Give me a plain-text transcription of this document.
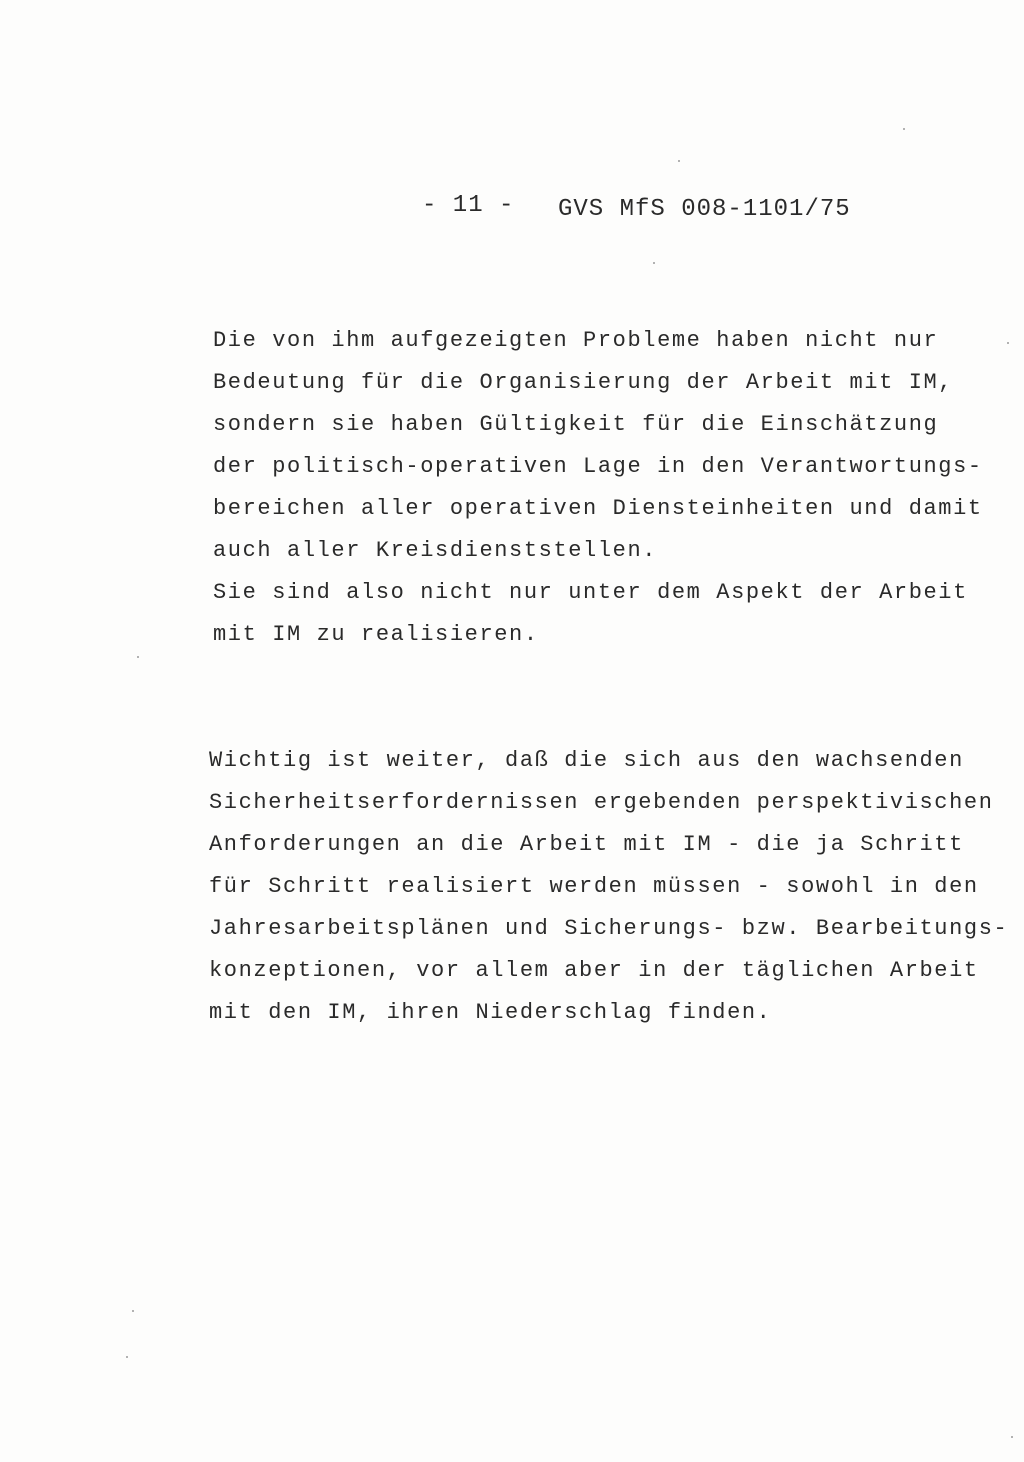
- 11 - GVS MfS 008-1101/75
Die von ihm aufgezeigten Probleme haben nicht nur
Bedeutung für die Organisierung der Arbeit mit IM,
sondern sie haben Gültigkeit für die Einschätzung
der politisch-operativen Lage in den Verantwortungs-
bereichen aller operativen Diensteinheiten und damit
auch aller Kreisdienststellen.
Sie sind also nicht nur unter dem Aspekt der Arbeit
mit IM zu realisieren.
Wichtig ist weiter, daß die sich aus den wachsenden
Sicherheitserfordernissen ergebenden perspektivischen
Anforderungen an die Arbeit mit IM - die ja Schritt
für Schritt realisiert werden müssen - sowohl in den
Jahresarbeitsplänen und Sicherungs- bzw. Bearbeitungs-
konzeptionen, vor allem aber in der täglichen Arbeit
mit den IM, ihren Niederschlag finden.
